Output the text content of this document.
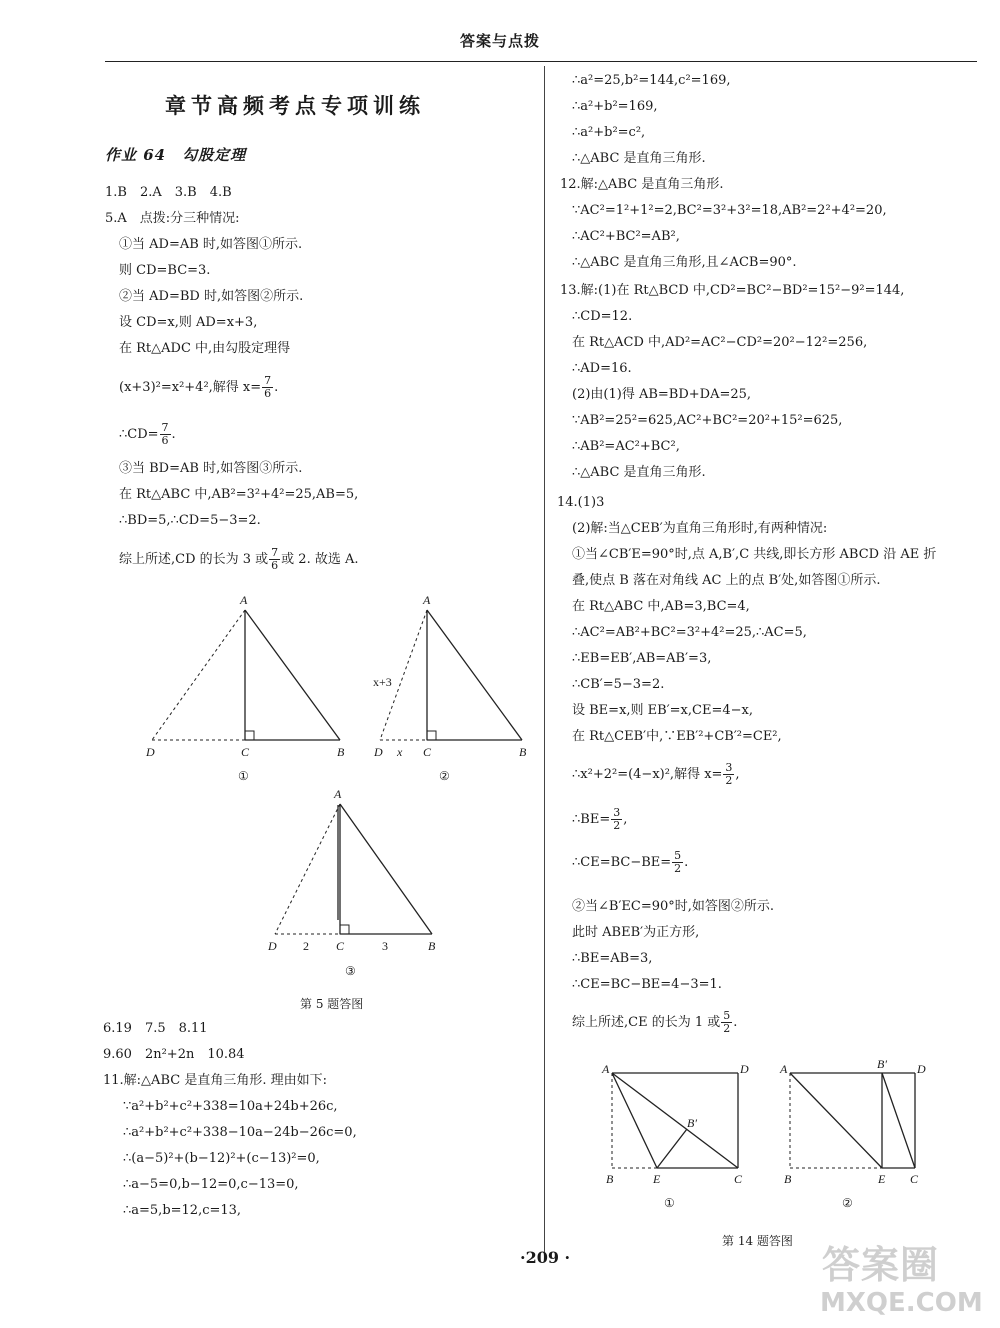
答案与点拨
章节高频考点专项训练
作业 64　勾股定理
1.B　2.A　3.B　4.B
5.A　点拨:分三种情况:
①当 AD=AB 时,如答图①所示.
则 CD=BC=3.
②当 AD=BD 时,如答图②所示.
设 CD=x,则 AD=x+3,
在 Rt△ADC 中,由勾股定理得
(x+3)²=x²+4²,解得 $x= \frac{7}{6}$ .
∴CD= $\frac{7}{6}$ .
③当 BD=AB 时,如答图③所示.
在 Rt△ABC 中,AB²=3²+4²=25,AB=5,
∴BD=5,∴CD=5−3=2.
综上所述,CD 的长为 3 或 $\frac{7}{6}$ 或 2. 故选 A.
6.19　7.5　8.11
9.60　2n²+2n　10.84
11.解:△ABC 是直角三角形. 理由如下:
∵a²+b²+c²+338=10a+24b+26c,
∴a²+b²+c²+338−10a−24b−26c=0,
∴(a−5)²+(b−12)²+(c−13)²=0,
∴a−5=0,b−12=0,c−13=0,
∴a=5,b=12,c=13,
A
D	C	B
①
A
x+3
D x C	B
②
A
D 2 C	3	B
③
第 5 题答图
∴a²=25,b²=144,c²=169,
∴a²+b²=169,
∴a²+b²=c²,
∴△ABC 是直角三角形.
12.解:△ABC 是直角三角形.
∵AC²=1²+1²=2,BC²=3²+3²=18,AB²=2²+4²=20,
∴AC²+BC²=AB²,
∴△ABC 是直角三角形,且∠ACB=90°.
13.解:(1)在 Rt△BCD 中,CD²=BC²−BD²=15²−9²=144,
∴CD=12.
在 Rt△ACD 中,AD²=AC²−CD²=20²−12²=256,
∴AD=16.
(2)由(1)得 AB=BD+DA=25,
∵AB²=25²=625,AC²+BC²=20²+15²=625,
∴AB²=AC²+BC²,
∴△ABC 是直角三角形.
14.(1)3
(2)解:当△CEB′为直角三角形时,有两种情况:
①当∠CB′E=90°时,点 A,B′,C 共线,即长方形 ABCD 沿 AE 折
叠,使点 B 落在对角线 AC 上的点 B′处,如答图①所示.
在 Rt△ABC 中,AB=3,BC=4,
∴AC²=AB²+BC²=3²+4²=25,∴AC=5,
∴EB=EB′,AB=AB′=3,
∴CB′=5−3=2.
设 BE=x,则 EB′=x,CE=4−x,
在 Rt△CEB′中,∵EB′²+CB′²=CE²,
∴x²+2²=(4−x)²,解得 $x= \frac{3}{2}$ ,
∴BE= $\frac{3}{2}$ ,
∴CE=BC−BE= $\frac{5}{2}$ .
②当∠B′EC=90°时,如答图②所示.
此时 ABEB′为正方形,
∴BE=AB=3,
∴CE=BC−BE=4−3=1.
综上所述,CE 的长为 1 或 $\frac{5}{2}$ .
A	D
B′
B	E	C
①
A	B′	D
B	E C
②
第 14 题答图
·209 ·	答案圈
MXQE.COM
